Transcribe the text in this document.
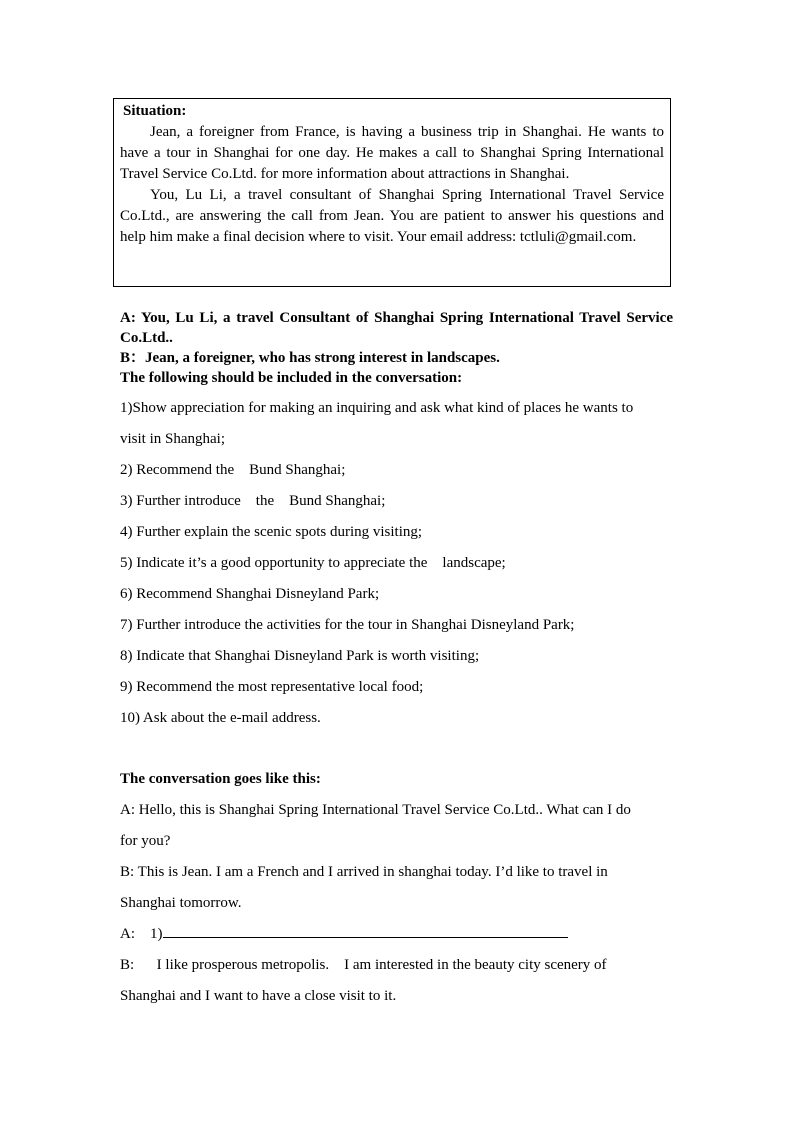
Situation:
Jean, a foreigner from France, is having a business trip in Shanghai. He wants to have a tour in Shanghai for one day. He makes a call to Shanghai Spring International Travel Service Co.Ltd. for more information about attractions in Shanghai.
You, Lu Li, a travel consultant of Shanghai Spring International Travel Service Co.Ltd., are answering the call from Jean. You are patient to answer his questions and help him make a final decision where to visit. Your email address: tctluli@gmail.com.
A: You, Lu Li, a travel Consultant of Shanghai Spring International Travel Service Co.Ltd..
B：Jean, a foreigner, who has strong interest in landscapes.
The following should be included in the conversation:
1)Show appreciation for making an inquiring and ask what kind of places he wants to
visit in Shanghai;
2) Recommend the    Bund Shanghai;
3) Further introduce    the    Bund Shanghai;
4) Further explain the scenic spots during visiting;
5) Indicate it’s a good opportunity to appreciate the    landscape;
6) Recommend Shanghai Disneyland Park;
7) Further introduce the activities for the tour in Shanghai Disneyland Park;
8) Indicate that Shanghai Disneyland Park is worth visiting;
9) Recommend the most representative local food;
10) Ask about the e-mail address.
The conversation goes like this:
A: Hello, this is Shanghai Spring International Travel Service Co.Ltd.. What can I do
for you?
B: This is Jean. I am a French and I arrived in shanghai today. I’d like to travel in
Shanghai tomorrow.
A:    1)
B:      I like prosperous metropolis.    I am interested in the beauty city scenery of
Shanghai and I want to have a close visit to it.
